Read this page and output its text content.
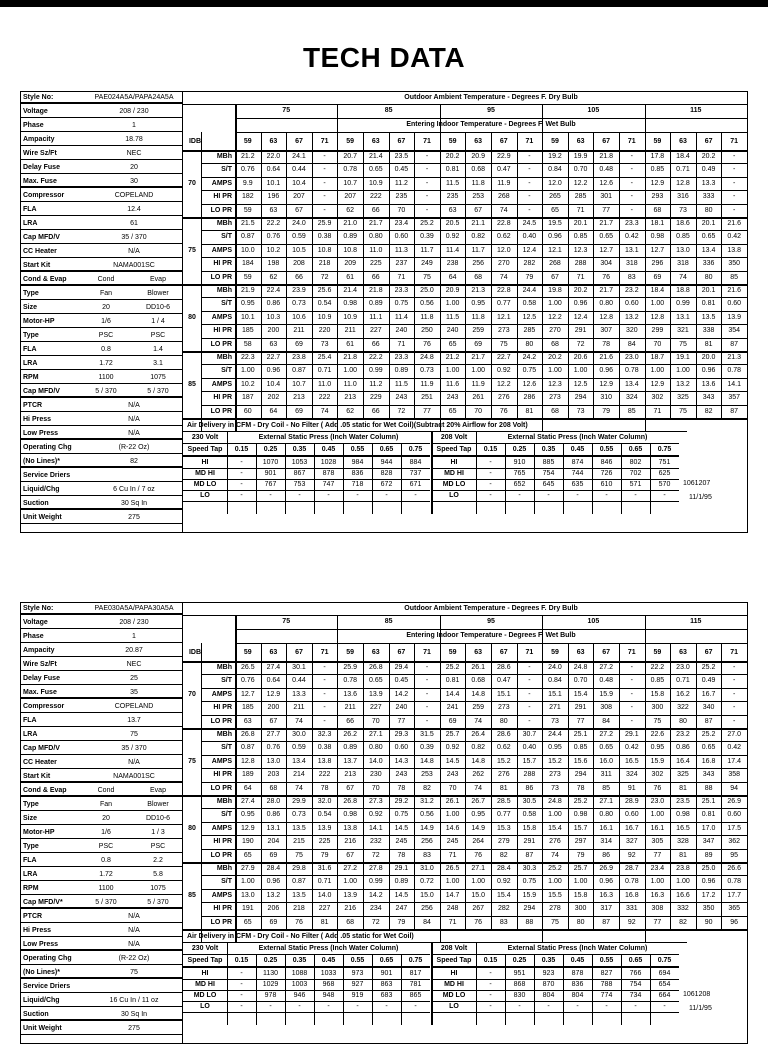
TECH DATA
Style No:	PAE024A5A/PAPA24A5A
Voltage	208 / 230
Phase	1
Ampacity	18.78
Wire Sz/Ft	NEC
Delay Fuse	20
Max. Fuse	30
Compressor	COPELAND
FLA	12.4
LRA	61
Cap MFD/V	35 / 370
CC Heater	N/A
Start Kit	NAMA001SC
Cond & Evap	Cond	Evap
Type	Fan	Blower
Size	20	DD10-6
Motor-HP	1/6	1 / 4
Type	PSC	PSC
FLA	0.8	1.4
LRA	1.72	3.1
RPM	1100	1075
Cap MFD/V	5 / 370	5 / 370
PTCR	N/A
Hi Press	N/A
Low Press	N/A
Operating Chg	(R-22 Oz)
(No Lines)*	82
Service Driers
Liquid/Chg	6 Cu In / 7 oz
Suction	30 Sq In
Unit Weight	275
Outdoor Ambient Temperature - Degrees F. Dry Bulb
75	85	95	105	115
Entering Indoor Temperature - Degrees F. Wet Bulb
IDB	59	63	67	71	59	63	67	71	59	63	67	71	59	63	67	71	59	63	67	71
70
MBh	21.2	22.0	24.1	-	20.7	21.4	23.5	-	20.2	20.9	22.9	-	19.2	19.9	21.8	-	17.8	18.4	20.2	-
S/T	0.76	0.64	0.44	-	0.78	0.65	0.45	-	0.81	0.68	0.47	-	0.84	0.70	0.48	-	0.85	0.71	0.49	-
AMPS	9.9	10.1	10.4	-	10.7	10.9	11.2	-	11.5	11.8	11.9	-	12.0	12.2	12.6	-	12.9	12.8	13.3	-
HI PR	182	196	207	-	207	222	235	-	235	253	268	-	265	285	301	-	293	316	333	-
LO PR	59	63	67	-	62	66	70	-	63	67	74	-	65	71	77	-	68	73	80	-
75
MBh	21.5	22.2	24.0	25.9	21.0	21.7	23.4	25.2	20.5	21.1	22.8	24.5	19.5	20.1	21.7	23.3	18.1	18.6	20.1	21.6
S/T	0.87	0.76	0.59	0.38	0.89	0.80	0.60	0.39	0.92	0.82	0.62	0.40	0.96	0.85	0.65	0.42	0.98	0.85	0.65	0.42
AMPS	10.0	10.2	10.5	10.8	10.8	11.0	11.3	11.7	11.4	11.7	12.0	12.4	12.1	12.3	12.7	13.1	12.7	13.0	13.4	13.8
HI PR	184	198	208	218	209	225	237	249	238	256	270	282	268	288	304	318	296	318	336	350
LO PR	59	62	66	72	61	66	71	75	64	68	74	79	67	71	76	83	69	74	80	85
80
MBh	21.9	22.4	23.9	25.6	21.4	21.8	23.3	25.0	20.9	21.3	22.8	24.4	19.8	20.2	21.7	23.2	18.4	18.8	20.1	21.6
S/T	0.95	0.86	0.73	0.54	0.98	0.89	0.75	0.56	1.00	0.95	0.77	0.58	1.00	0.96	0.80	0.60	1.00	0.99	0.81	0.60
AMPS	10.1	10.3	10.6	10.9	10.9	11.1	11.4	11.8	11.5	11.8	12.1	12.5	12.2	12.4	12.8	13.2	12.8	13.1	13.5	13.9
HI PR	185	200	211	220	211	227	240	250	240	259	273	285	270	291	307	320	299	321	338	354
LO PR	58	63	69	73	61	66	71	76	65	69	75	80	68	72	78	84	70	75	81	87
85
MBh	22.3	22.7	23.8	25.4	21.8	22.2	23.3	24.8	21.2	21.7	22.7	24.2	20.2	20.6	21.6	23.0	18.7	19.1	20.0	21.3
S/T	1.00	0.96	0.87	0.71	1.00	0.99	0.89	0.73	1.00	1.00	0.92	0.75	1.00	1.00	0.96	0.78	1.00	1.00	0.96	0.78
AMPS	10.2	10.4	10.7	11.0	11.0	11.2	11.5	11.9	11.6	11.9	12.2	12.6	12.3	12.5	12.9	13.4	12.9	13.2	13.6	14.1
HI PR	187	202	213	222	213	229	243	251	243	261	276	286	273	294	310	324	302	325	343	357
LO PR	60	64	69	74	62	66	72	77	65	70	76	81	68	73	79	85	71	75	82	87
Air Delivery in CFM - Dry Coil - No Filter ( Add .05 static for Wet Coil)(Subtract 20% Airflow for 208 Volt)
230 Volt	External Static Press (Inch Water Column)
Speed Tap	0.15	0.25	0.35	0.45	0.55	0.65	0.75
HI	-	1070	1053	1028	984	944	884
MD HI	-	901	867	878	836	828	737
MD LO	-	767	753	747	718	672	671
LO	-	-	-	-	-	-	-
208 Volt	External Static Press (Inch Water Column)
Speed Tap	0.15	0.25	0.35	0.45	0.55	0.65	0.75
HI	-	910	885	874	846	802	751
MD HI	-	765	754	744	726	702	625
MD LO	-	652	645	635	610	571	570
LO	-	-	-	-	-	-	-
1061207
11/1/95
Style No:	PAE030A5A/PAPA30A5A
Voltage	208 / 230
Phase	1
Ampacity	20.87
Wire Sz/Ft	NEC
Delay Fuse	25
Max. Fuse	35
Compressor	COPELAND
FLA	13.7
LRA	75
Cap MFD/V	35 / 370
CC Heater	N/A
Start Kit	NAMA001SC
Cond & Evap	Cond	Evap
Type	Fan	Blower
Size	20	DD10-6
Motor-HP	1/6	1 / 3
Type	PSC	PSC
FLA	0.8	2.2
LRA	1.72	5.8
RPM	1100	1075
Cap MFD/V*	5 / 370	5 / 370
PTCR	N/A
Hi Press	N/A
Low Press	N/A
Operating Chg	(R-22 Oz)
(No Lines)*	75
Service Driers
Liquid/Chg	16 Cu In / 11 oz
Suction	30 Sq In
Unit Weight	275
Outdoor Ambient Temperature - Degrees F. Dry Bulb
75	85	95	105	115
Entering Indoor Temperature - Degrees F. Wet Bulb
IDB	59	63	67	71	59	63	67	71	59	63	67	71	59	63	67	71	59	63	67	71
70
MBh	26.5	27.4	30.1	-	25.9	26.8	29.4	-	25.2	26.1	28.6	-	24.0	24.8	27.2	-	22.2	23.0	25.2	-
S/T	0.76	0.64	0.44	-	0.78	0.65	0.45	-	0.81	0.68	0.47	-	0.84	0.70	0.48	-	0.85	0.71	0.49	-
AMPS	12.7	12.9	13.3	-	13.6	13.9	14.2	-	14.4	14.8	15.1	-	15.1	15.4	15.9	-	15.8	16.2	16.7	-
HI PR	185	200	211	-	211	227	240	-	241	259	273	-	271	291	308	-	300	322	340	-
LO PR	63	67	74	-	66	70	77	-	69	74	80	-	73	77	84	-	75	80	87	-
75
MBh	26.8	27.7	30.0	32.3	26.2	27.1	29.3	31.5	25.7	26.4	28.6	30.7	24.4	25.1	27.2	29.1	22.6	23.2	25.2	27.0
S/T	0.87	0.76	0.59	0.38	0.89	0.80	0.60	0.39	0.92	0.82	0.62	0.40	0.95	0.85	0.65	0.42	0.95	0.86	0.65	0.42
AMPS	12.8	13.0	13.4	13.8	13.7	14.0	14.3	14.8	14.5	14.8	15.2	15.7	15.2	15.6	16.0	16.5	15.9	16.4	16.8	17.4
HI PR	189	203	214	222	213	230	243	253	243	262	276	288	273	294	311	324	302	325	343	358
LO PR	64	68	74	78	67	70	78	82	70	74	81	86	73	78	85	91	76	81	88	94
80
MBh	27.4	28.0	29.9	32.0	26.8	27.3	29.2	31.2	26.1	26.7	28.5	30.5	24.8	25.2	27.1	28.9	23.0	23.5	25.1	26.9
S/T	0.95	0.86	0.73	0.54	0.98	0.92	0.75	0.56	1.00	0.95	0.77	0.58	1.00	0.98	0.80	0.60	1.00	0.98	0.81	0.60
AMPS	12.9	13.1	13.5	13.9	13.8	14.1	14.5	14.9	14.6	14.9	15.3	15.8	15.4	15.7	16.1	16.7	16.1	16.5	17.0	17.5
HI PR	190	204	215	225	216	232	245	256	245	264	279	291	276	297	314	327	305	328	347	362
LO PR	65	69	75	79	67	72	78	83	71	76	82	87	74	79	86	92	77	81	89	95
85
MBh	27.9	28.4	29.8	31.6	27.2	27.8	29.1	31.0	26.5	27.1	28.4	30.3	25.2	25.7	26.9	28.7	23.4	23.8	25.0	26.6
S/T	1.00	0.96	0.87	0.71	1.00	0.99	0.89	0.72	1.00	1.00	0.92	0.75	1.00	1.00	0.96	0.78	1.00	1.00	0.96	0.78
AMPS	13.0	13.2	13.5	14.0	13.9	14.2	14.5	15.0	14.7	15.0	15.4	15.9	15.5	15.8	16.3	16.8	16.3	16.6	17.2	17.7
HI PR	191	206	218	227	216	234	247	256	248	267	282	294	278	300	317	331	308	332	350	365
LO PR	65	69	76	81	68	72	79	84	71	76	83	88	75	80	87	92	77	82	90	96
Air Delivery in CFM - Dry Coil - No Filter ( Add .05 static for Wet Coil)
230 Volt	External Static Press (Inch Water Column)
Speed Tap	0.15	0.25	0.35	0.45	0.55	0.65	0.75
HI	-	1130	1088	1033	973	901	817
MD HI	-	1029	1003	968	927	863	781
MD LO	-	978	946	948	919	683	865
LO	-	-	-	-	-	-	-
208 Volt	External Static Press (Inch Water Column)
Speed Tap	0.15	0.25	0.35	0.45	0.55	0.65	0.75
HI	-	951	923	878	827	766	694
MD HI	-	868	870	836	788	754	654
MD LO	-	830	804	804	774	734	664
LO	-	-	-	-	-	-	-
1061208
11/1/95
